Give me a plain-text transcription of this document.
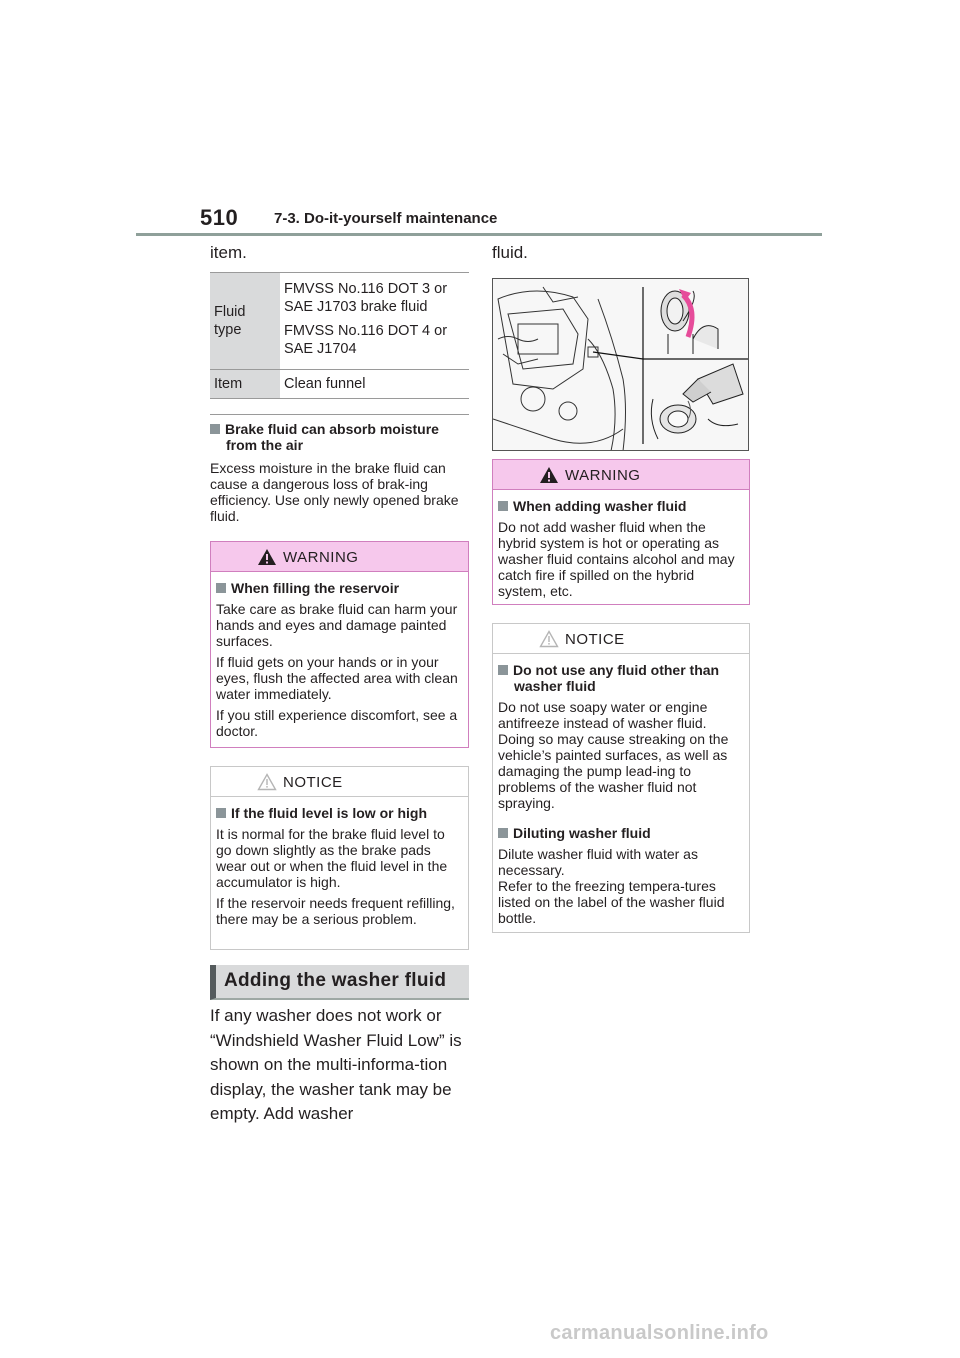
510 7-3. Do-it-yourself maintenance
item.
Fluid type	FMVSS No.116 DOT 3 or SAE J1703 brake fluid
FMVSS No.116 DOT 4 or SAE J1704

Item	Clean funnel
Brake fluid can absorb moisture from the air
Excess moisture in the brake fluid can cause a dangerous loss of brak-ing efficiency. Use only newly opened brake fluid.
WARNING
When filling the reservoir

Take care as brake fluid can harm your hands and eyes and damage painted surfaces.

If fluid gets on your hands or in your eyes, flush the affected area with clean water immediately.

If you still experience discomfort, see a doctor.

NOTICE
If the fluid level is low or high

It is normal for the brake fluid level to go down slightly as the brake pads wear out or when the fluid level in the accumulator is high.

If the reservoir needs frequent refilling, there may be a serious problem.

Adding the washer fluid
If any washer does not work or “Windshield Washer Fluid Low” is shown on the multi-informa-tion display, the washer tank may be empty. Add washer
fluid.
WARNING
When adding washer fluid

Do not add washer fluid when the hybrid system is hot or operating as washer fluid contains alcohol and may catch fire if spilled on the hybrid system, etc.

NOTICE
Do not use any fluid other than washer fluid

Do not use soapy water or engine antifreeze instead of washer fluid. Doing so may cause streaking on the vehicle’s painted surfaces, as well as damaging the pump lead-ing to problems of the washer fluid not spraying.

Diluting washer fluid

Dilute washer fluid with water as necessary.

Refer to the freezing tempera-tures listed on the label of the washer fluid bottle.
carmanualsonline.info
